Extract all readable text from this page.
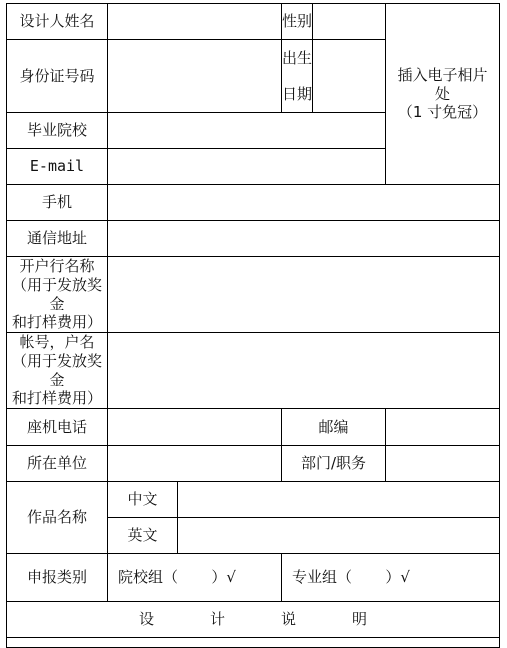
设计人姓名			性别		插入电子相片
处
（1 寸免冠）

身份证号码			出生
日期		

毕业院校					
E-mail					
手机					
通信地址					

开户行名称
（用于发放奖金
和打样费用）					

帐号，户名
（用于发放奖金
和打样费用）					

座机电话			邮编		
所在单位			部门/职务		
作品名称	中文				
	英文				
申报类别	院校组（       ）√		专业组（       ）√		
设 计 说 明					
